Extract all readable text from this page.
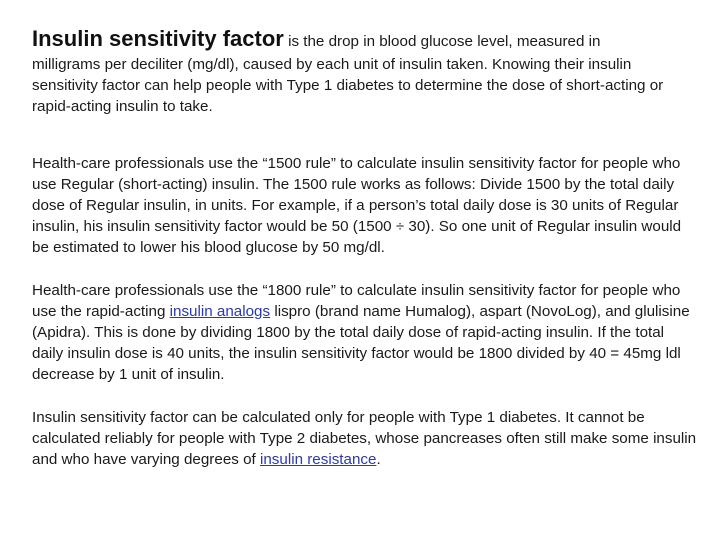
Insulin sensitivity factor is the drop in blood glucose level, measured in
milligrams per deciliter (mg/dl), caused by each unit of insulin taken. Knowing their insulin sensitivity factor can help people with Type 1 diabetes to determine the dose of short-acting or rapid-acting insulin to take.

Health-care professionals use the “1500 rule” to calculate insulin sensitivity factor for people who use Regular (short-acting) insulin. The 1500 rule works as follows: Divide 1500 by the total daily dose of Regular insulin, in units. For example, if a person’s total daily dose is 30 units of Regular insulin, his insulin sensitivity factor would be 50 (1500 ÷ 30). So one unit of Regular insulin would be estimated to lower his blood glucose by 50 mg/dl.

Health-care professionals use the “1800 rule” to calculate insulin sensitivity factor for people who use the rapid-acting insulin analogs lispro (brand name Humalog), aspart (NovoLog), and glulisine (Apidra). This is done by dividing 1800 by the total daily dose of rapid-acting insulin. If the total daily insulin dose is 40 units, the insulin sensitivity factor would be 1800 divided by 40 = 45mg ldl decrease by 1 unit of insulin.

Insulin sensitivity factor can be calculated only for people with Type 1 diabetes. It cannot be calculated reliably for people with Type 2 diabetes, whose pancreases often still make some insulin and who have varying degrees of insulin resistance.
